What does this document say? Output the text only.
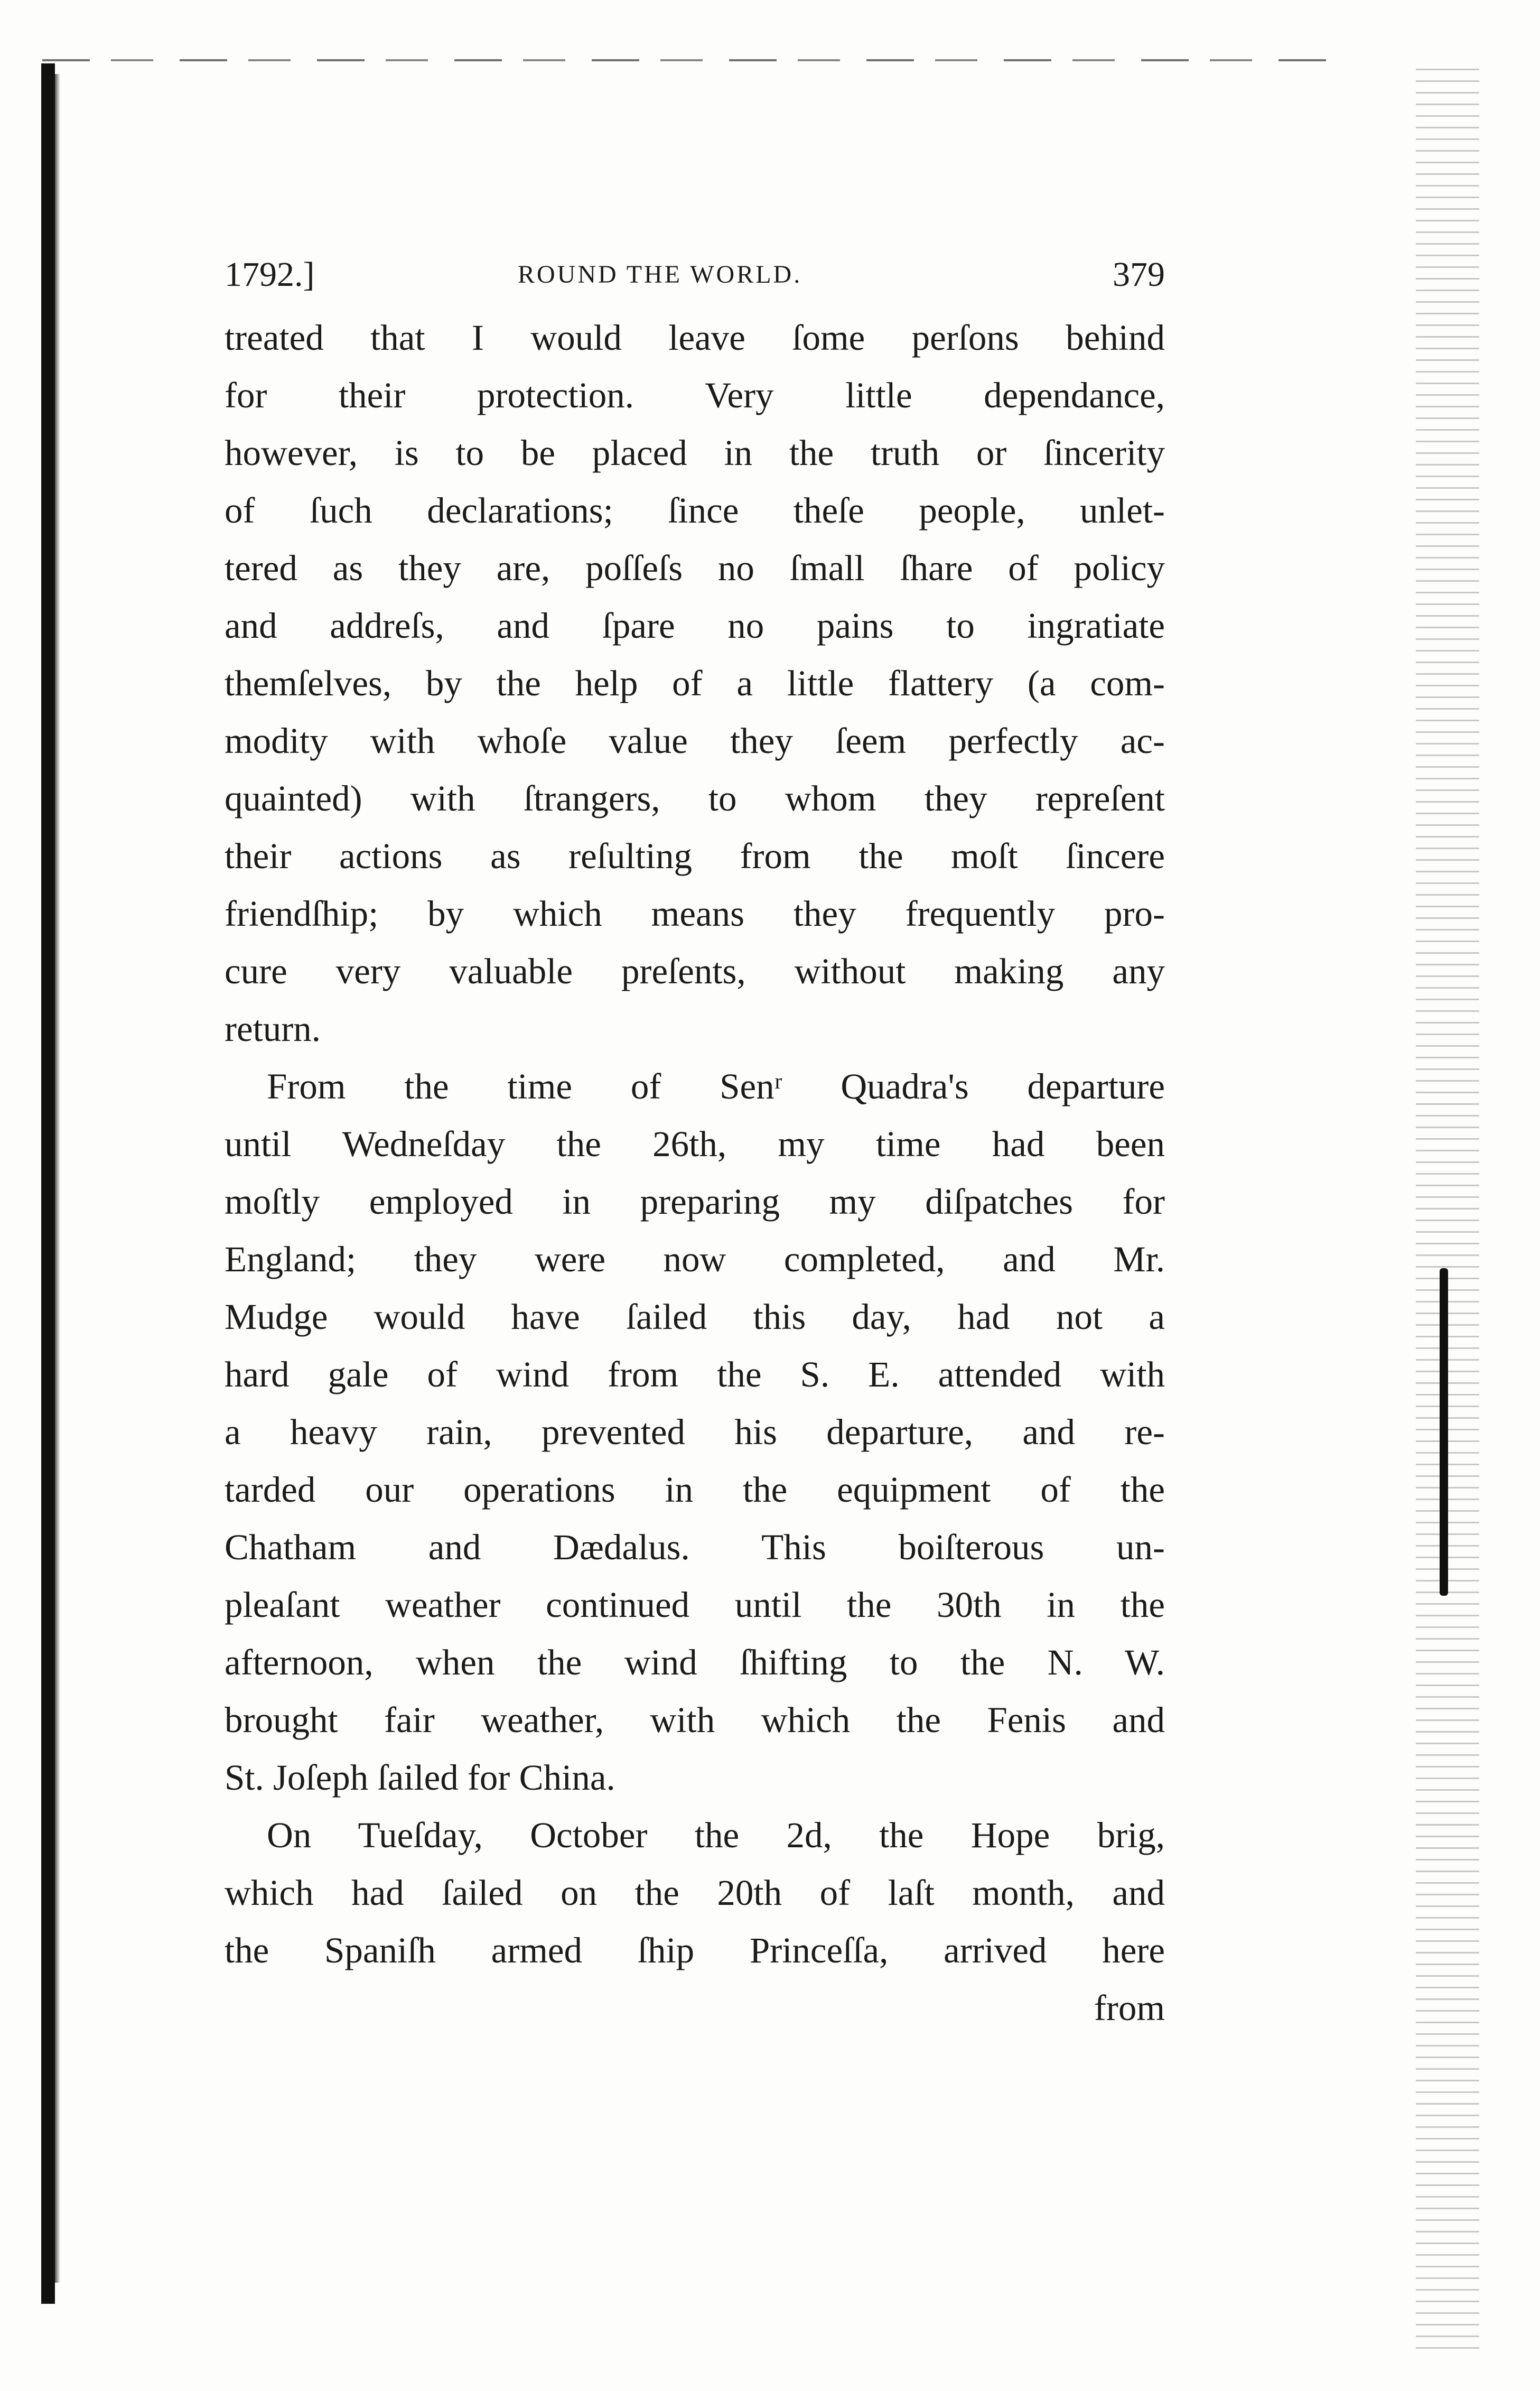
1792.]	ROUND THE WORLD.	379
treated that I would leave ſome perſons behind
for their protection. Very little dependance,
however, is to be placed in the truth or ſincerity
of ſuch declarations; ſince theſe people, unlet-
tered as they are, poſſeſs no ſmall ſhare of policy
and addreſs, and ſpare no pains to ingratiate
themſelves, by the help of a little flattery (a com-
modity with whoſe value they ſeem perfectly ac-
quainted) with ſtrangers, to whom they repreſent
their actions as reſulting from the moſt ſincere
friendſhip; by which means they frequently pro-
cure very valuable preſents, without making any
return.
From the time of Senʳ Quadra's departure
until Wedneſday the 26th, my time had been
moſtly employed in preparing my diſpatches for
England; they were now completed, and Mr.
Mudge would have ſailed this day, had not a
hard gale of wind from the S. E. attended with
a heavy rain, prevented his departure, and re-
tarded our operations in the equipment of the
Chatham and Dædalus. This boiſterous un-
pleaſant weather continued until the 30th in the
afternoon, when the wind ſhifting to the N. W.
brought fair weather, with which the Fenis and
St. Joſeph ſailed for China.
On Tueſday, October the 2d, the Hope brig,
which had ſailed on the 20th of laſt month, and
the Spaniſh armed ſhip Princeſſa, arrived here
from
